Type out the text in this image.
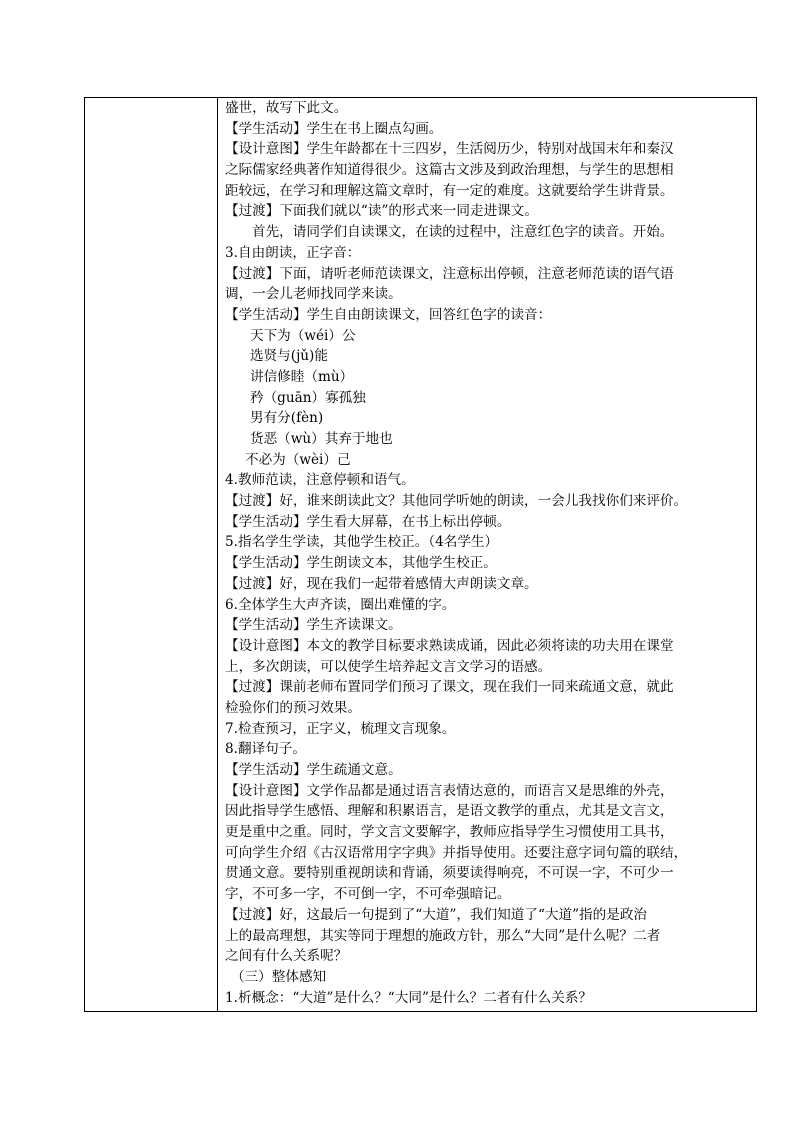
盛世，故写下此文。
【学生活动】学生在书上圈点勾画。
【设计意图】学生年龄都在十三四岁，生活阅历少，特别对战国末年和秦汉
之际儒家经典著作知道得很少。这篇古文涉及到政治理想，与学生的思想相
距较远，在学习和理解这篇文章时，有一定的难度。这就要给学生讲背景。
【过渡】下面我们就以“读”的形式来一同走进课文。
首先，请同学们自读课文，在读的过程中，注意红色字的读音。开始。
3.自由朗读，正字音：
【过渡】下面，请听老师范读课文，注意标出停顿，注意老师范读的语气语
调，一会儿老师找同学来读。
【学生活动】学生自由朗读课文，回答红色字的读音：
天下为（wéi）公
选贤与(jǔ)能
讲信修睦（mù）
矜（guān）寡孤独
男有分(fèn)
货恶（wù）其弃于地也
不必为（wèi）己
4.教师范读，注意停顿和语气。
【过渡】好，谁来朗读此文？其他同学听她的朗读，一会儿我找你们来评价。
【学生活动】学生看大屏幕，在书上标出停顿。
5.指名学生学读，其他学生校正。（4名学生）
【学生活动】学生朗读文本，其他学生校正。
【过渡】好，现在我们一起带着感情大声朗读文章。
6.全体学生大声齐读，圈出难懂的字。
【学生活动】学生齐读课文。
【设计意图】本文的教学目标要求熟读成诵，因此必须将读的功夫用在课堂
上，多次朗读，可以使学生培养起文言文学习的语感。
【过渡】课前老师布置同学们预习了课文，现在我们一同来疏通文意，就此
检验你们的预习效果。
7.检查预习，正字义，梳理文言现象。
8.翻译句子。
【学生活动】学生疏通文意。
【设计意图】文学作品都是通过语言表情达意的，而语言又是思维的外壳，
因此指导学生感悟、理解和积累语言，是语文教学的重点，尤其是文言文，
更是重中之重。同时，学文言文要解字，教师应指导学生习惯使用工具书，
可向学生介绍《古汉语常用字字典》并指导使用。还要注意字词句篇的联结，
贯通文意。要特别重视朗读和背诵，须要读得响亮，不可误一字，不可少一
字，不可多一字，不可倒一字，不可牵强暗记。
【过渡】好，这最后一句提到了“大道”，我们知道了“大道”指的是政治
上的最高理想，其实等同于理想的施政方针，那么“大同”是什么呢？二者
之间有什么关系呢？
（三）整体感知
1.析概念：“大道”是什么？“大同”是什么？二者有什么关系？
